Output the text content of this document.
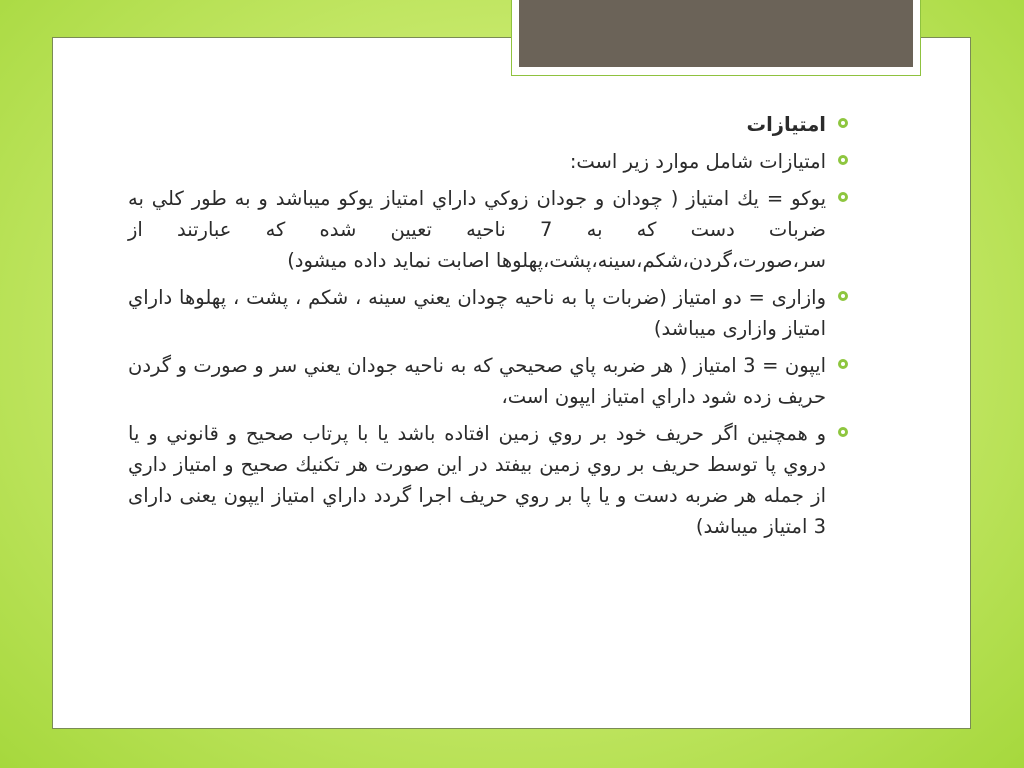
امتیازات
امتیازات شامل موارد زیر است:
يوكو = يك امتياز ( چودان و جودان زوكي داراي امتياز يوكو ميباشد و به طور كلي به ضربات دست كه به 7 ناحيه تعيين شده كه عبارتند از سر،صورت،گردن،شكم،سينه،پشت،پهلوها اصابت نمايد داده ميشود)
وازاری = دو امتياز (ضربات پا به ناحيه چودان يعني سينه ، شكم ، پشت ، پهلوها داراي امتياز وازاری ميباشد)
ايپون = 3 امتياز ( هر ضربه پاي صحيحي كه به ناحيه جودان يعني سر و صورت و گردن حريف زده شود داراي امتياز ايپون است،
و همچنين اگر حريف خود بر روي زمين افتاده باشد يا با پرتاب صحيح و قانوني و يا دروي پا توسط حريف بر روي زمين بيفتد در اين صورت هر تكنيك صحيح و امتياز داري از جمله هر ضربه دست و يا پا بر روي حريف اجرا گردد داراي امتياز ايپون يعنی دارای 3 امتياز ميباشد)
